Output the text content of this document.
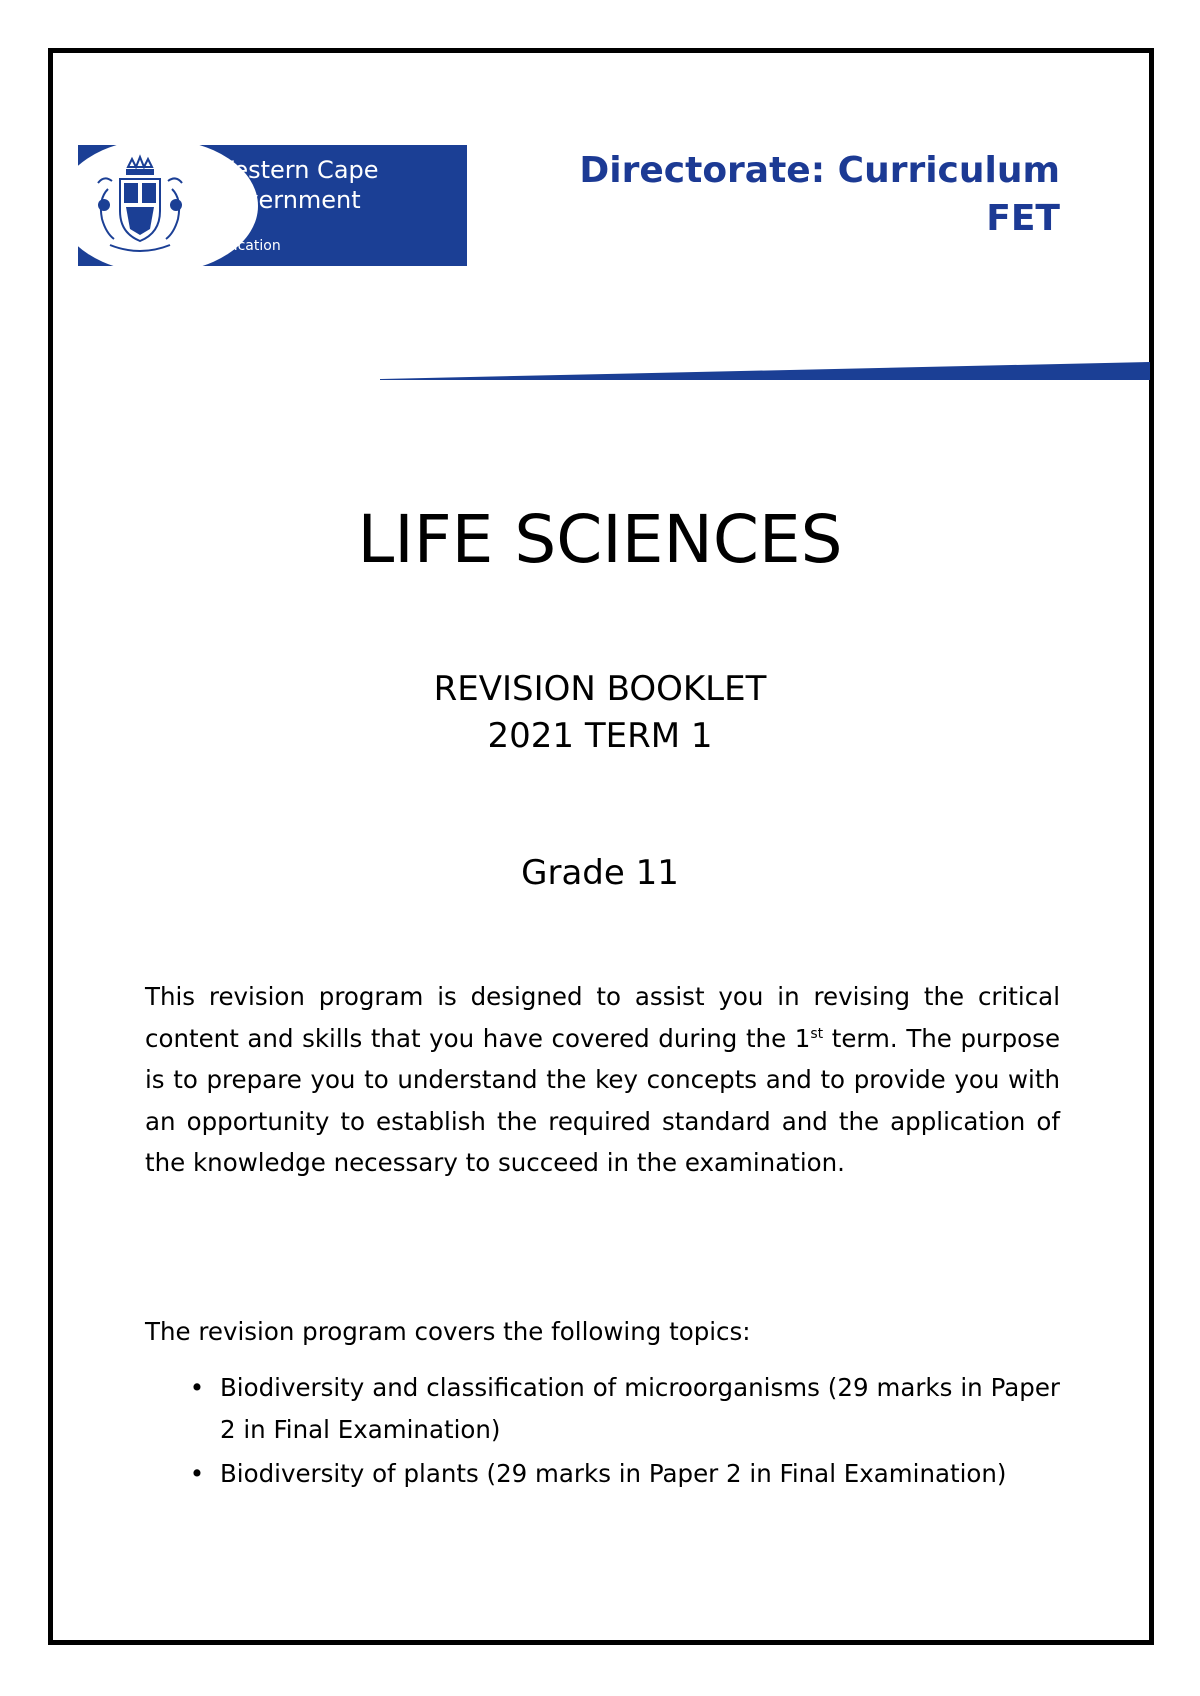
Western Cape Government
Education
Directorate: Curriculum
FET
LIFE SCIENCES
REVISION BOOKLET
2021 TERM 1
Grade 11
This revision program is designed to assist you in revising the critical content and skills that you have covered during the 1st term. The purpose is to prepare you to understand the key concepts and to provide you with an opportunity to establish the required standard and the application of the knowledge necessary to succeed in the examination.
The revision program covers the following topics:
• Biodiversity and classification of microorganisms (29 marks in Paper 2 in Final Examination)
• Biodiversity of plants (29 marks in Paper 2 in Final Examination)
